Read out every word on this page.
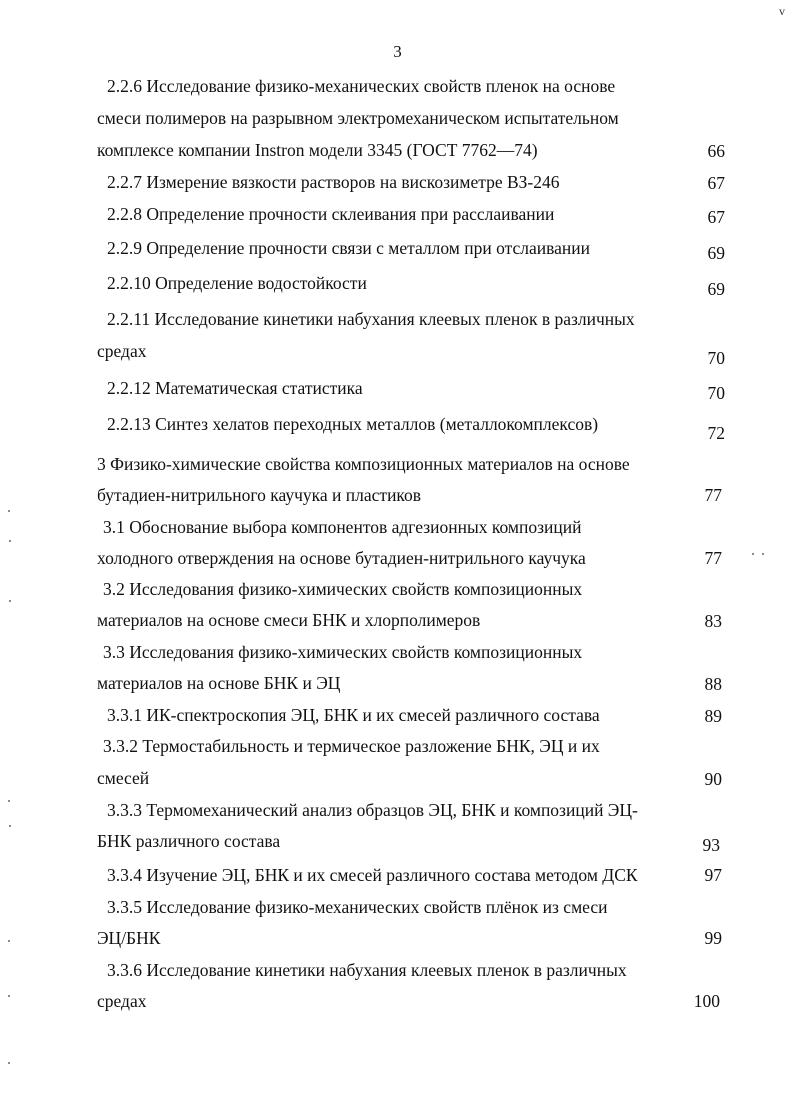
3
v
2.2.6 Исследование физико-механических свойств пленок на основе
смеси полимеров на разрывном электромеханическом испытательном
комплексе компании Instron модели 3345 (ГОСТ 7762—74)	66
2.2.7 Измерение вязкости растворов на вискозиметре ВЗ-246	67
2.2.8 Определение прочности склеивания при расслаивании	67
2.2.9 Определение прочности связи с металлом при отслаивании	69
2.2.10 Определение водостойкости	69
2.2.11 Исследование кинетики набухания клеевых пленок в различных
средах	70
2.2.12 Математическая статистика	70
2.2.13 Синтез хелатов переходных металлов (металлокомплексов)	72
3 Физико-химические свойства композиционных материалов на основе
бутадиен-нитрильного каучука и пластиков	77
3.1 Обоснование выбора компонентов адгезионных композиций
холодного отверждения на основе бутадиен-нитрильного каучука	77
3.2 Исследования физико-химических свойств композиционных
материалов на основе смеси БНК и хлорполимеров	83
3.3 Исследования физико-химических свойств композиционных
материалов на основе БНК и ЭЦ	88
3.3.1 ИК-спектроскопия ЭЦ, БНК и их смесей различного состава	89
3.3.2 Термостабильность и термическое разложение БНК, ЭЦ и их
смесей	90
3.3.3 Термомеханический анализ образцов ЭЦ, БНК и композиций ЭЦ-
БНК различного состава	93
3.3.4 Изучение ЭЦ, БНК и их смесей различного состава методом ДСК	97
3.3.5 Исследование физико-механических свойств плёнок из смеси
ЭЦ/БНК	99
3.3.6 Исследование кинетики набухания клеевых пленок в различных
средах	100
